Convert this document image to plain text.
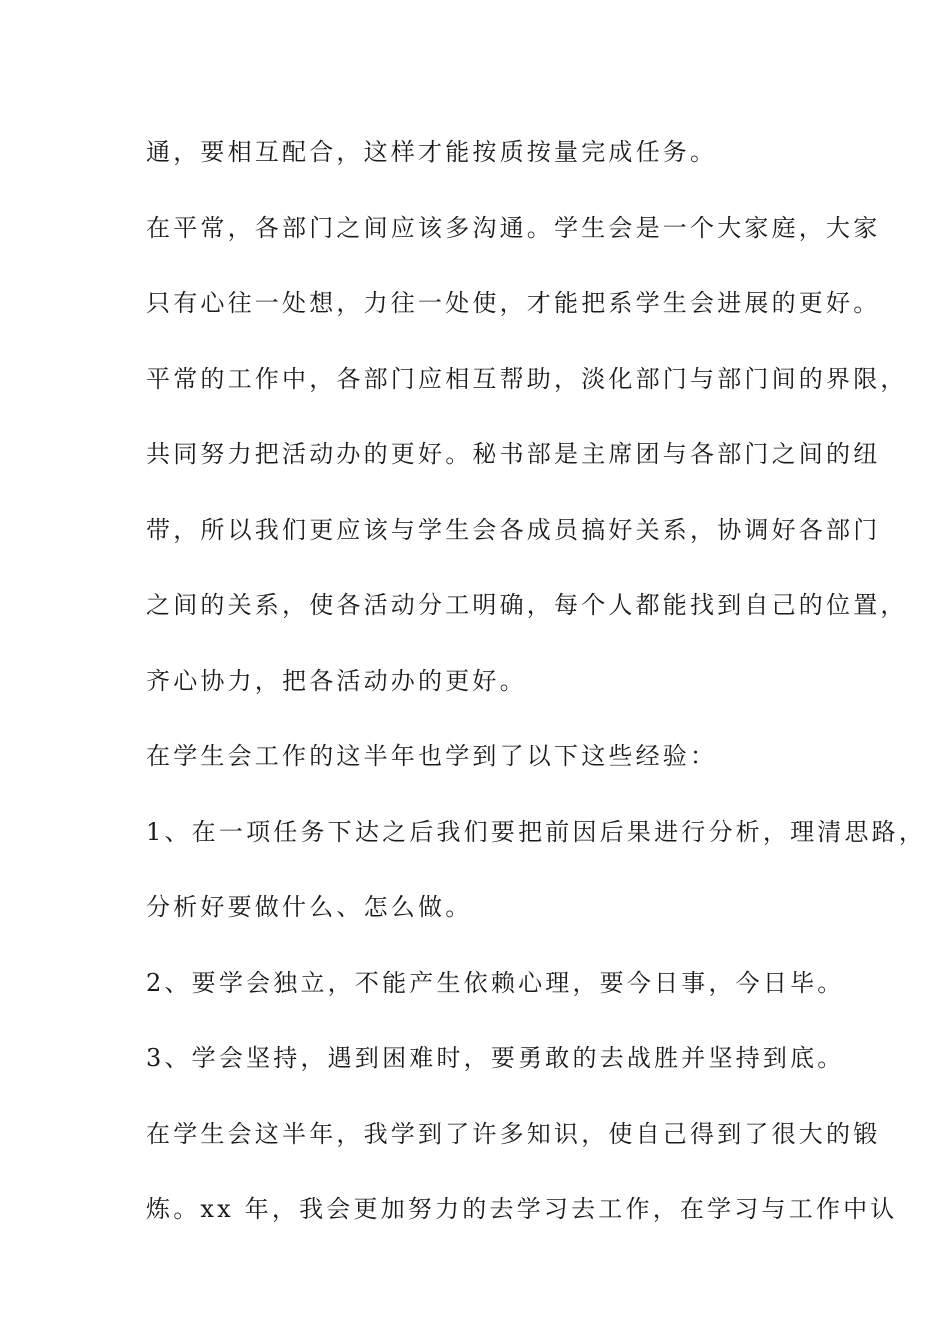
通，要相互配合，这样才能按质按量完成任务。
在平常，各部门之间应该多沟通。学生会是一个大家庭，大家
只有心往一处想，力往一处使，才能把系学生会进展的更好。
平常的工作中，各部门应相互帮助，淡化部门与部门间的界限，
共同努力把活动办的更好。秘书部是主席团与各部门之间的纽
带，所以我们更应该与学生会各成员搞好关系，协调好各部门
之间的关系，使各活动分工明确，每个人都能找到自己的位置，
齐心协力，把各活动办的更好。
在学生会工作的这半年也学到了以下这些经验：
1、在一项任务下达之后我们要把前因后果进行分析，理清思路，
分析好要做什么、怎么做。
2、要学会独立，不能产生依赖心理，要今日事，今日毕。
3、学会坚持，遇到困难时，要勇敢的去战胜并坚持到底。
在学生会这半年，我学到了许多知识，使自己得到了很大的锻
炼。xx 年，我会更加努力的去学习去工作，在学习与工作中认
